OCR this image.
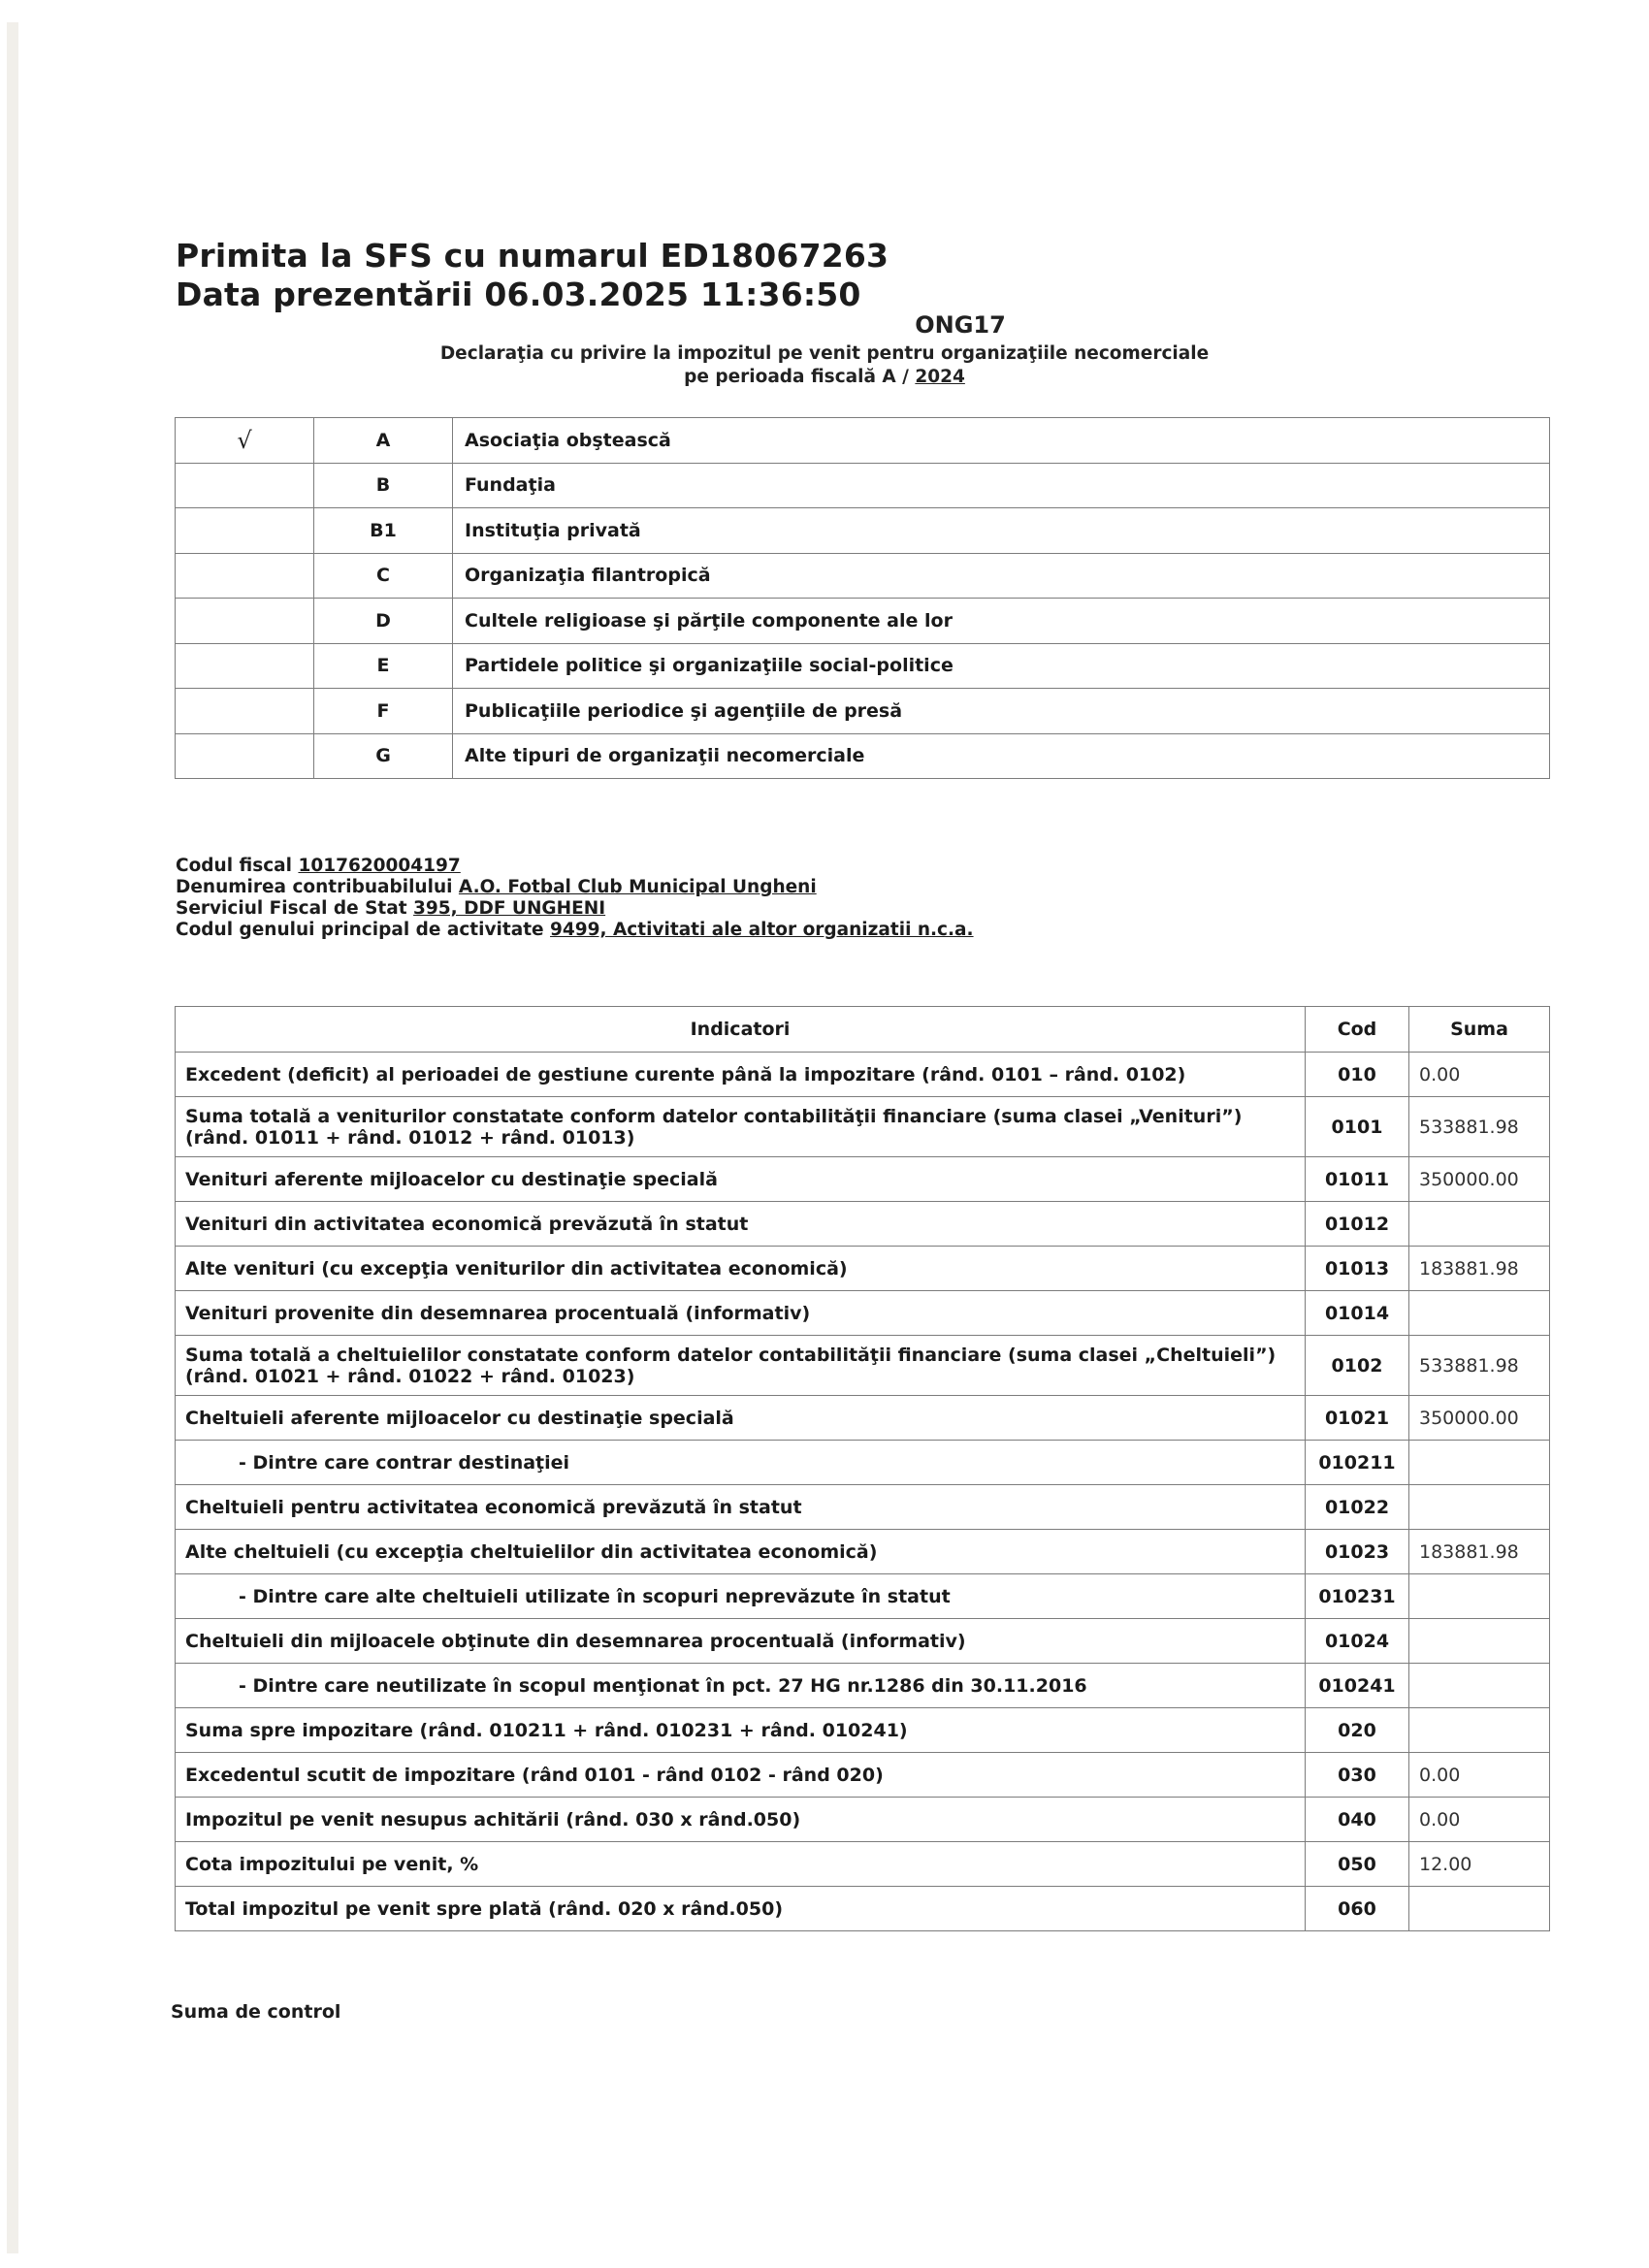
Primita la SFS cu numarul ED18067263
Data prezentării 06.03.2025 11:36:50
ONG17
Declaraţia cu privire la impozitul pe venit pentru organizaţiile necomerciale
pe perioada fiscală A / 2024
√	A	Asociaţia obştească
	B	Fundaţia
	B1	Instituţia privată
	C	Organizaţia filantropică
	D	Cultele religioase şi părţile componente ale lor
	E	Partidele politice şi organizaţiile social-politice
	F	Publicaţiile periodice şi agenţiile de presă
	G	Alte tipuri de organizaţii necomerciale
Codul fiscal 1017620004197
Denumirea contribuabilului A.O. Fotbal Club Municipal Ungheni
Serviciul Fiscal de Stat 395, DDF UNGHENI
Codul genului principal de activitate 9499, Activitati ale altor organizatii n.c.a.
Indicatori	Cod	Suma
Excedent (deficit) al perioadei de gestiune curente până la impozitare (rând. 0101 – rând. 0102)	010	0.00
Suma totală a veniturilor constatate conform datelor contabilităţii financiare (suma clasei „Venituri”) (rând. 01011 + rând. 01012 + rând. 01013)	0101	533881.98
Venituri aferente mijloacelor cu destinaţie specială	01011	350000.00
Venituri din activitatea economică prevăzută în statut	01012	
Alte venituri (cu excepţia veniturilor din activitatea economică)	01013	183881.98
Venituri provenite din desemnarea procentuală (informativ)	01014	
Suma totală a cheltuielilor constatate conform datelor contabilităţii financiare (suma clasei „Cheltuieli”) (rând. 01021 + rând. 01022 + rând. 01023)	0102	533881.98
Cheltuieli aferente mijloacelor cu destinaţie specială	01021	350000.00
- Dintre care contrar destinaţiei	010211	
Cheltuieli pentru activitatea economică prevăzută în statut	01022	
Alte cheltuieli (cu excepţia cheltuielilor din activitatea economică)	01023	183881.98
- Dintre care alte cheltuieli utilizate în scopuri neprevăzute în statut	010231	
Cheltuieli din mijloacele obţinute din desemnarea procentuală (informativ)	01024	
- Dintre care neutilizate în scopul menţionat în pct. 27 HG nr.1286 din 30.11.2016	010241	
Suma spre impozitare (rând. 010211 + rând. 010231 + rând. 010241)	020	
Excedentul scutit de impozitare (rând 0101 - rând 0102 - rând 020)	030	0.00
Impozitul pe venit nesupus achitării (rând. 030 x rând.050)	040	0.00
Cota impozitului pe venit, %	050	12.00
Total impozitul pe venit spre plată (rând. 020 x rând.050)	060	
Suma de control
